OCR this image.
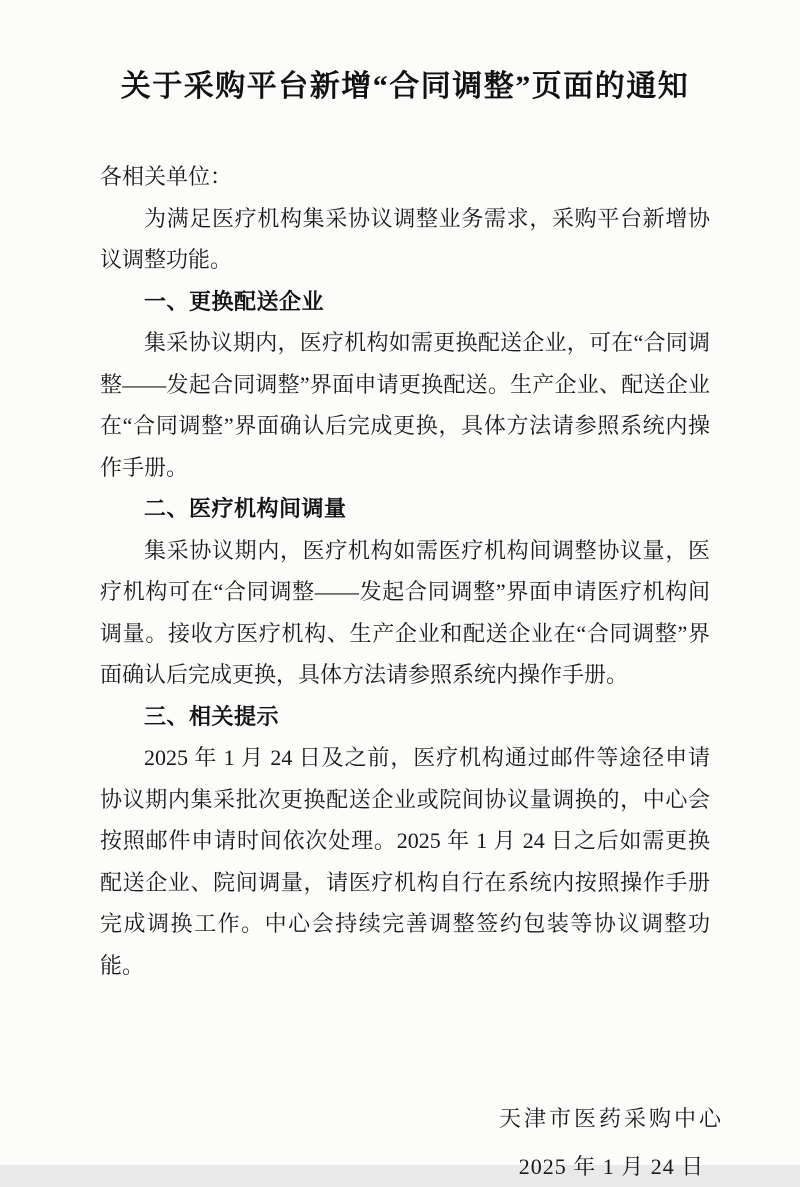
关于采购平台新增“合同调整”页面的通知

各相关单位：

为满足医疗机构集采协议调整业务需求，采购平台新增协议调整功能。

一、更换配送企业

集采协议期内，医疗机构如需更换配送企业，可在“合同调整——发起合同调整”界面申请更换配送。生产企业、配送企业在“合同调整”界面确认后完成更换，具体方法请参照系统内操作手册。

二、医疗机构间调量

集采协议期内，医疗机构如需医疗机构间调整协议量，医疗机构可在“合同调整——发起合同调整”界面申请医疗机构间调量。接收方医疗机构、生产企业和配送企业在“合同调整”界面确认后完成更换，具体方法请参照系统内操作手册。

三、相关提示

2025 年 1 月 24 日及之前，医疗机构通过邮件等途径申请协议期内集采批次更换配送企业或院间协议量调换的，中心会按照邮件申请时间依次处理。2025 年 1 月 24 日之后如需更换配送企业、院间调量，请医疗机构自行在系统内按照操作手册完成调换工作。中心会持续完善调整签约包装等协议调整功能。

天津市医药采购中心

2025 年 1 月 24 日
